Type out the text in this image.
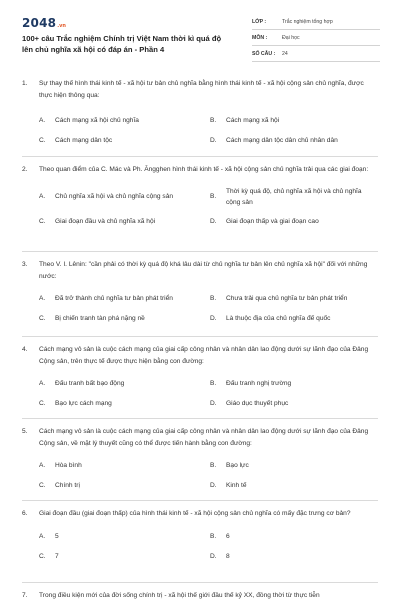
2048 .vn
100+ câu Trắc nghiệm Chính trị Việt Nam thời kì quá độ lên chủ nghĩa xã hội có đáp án - Phần 4
LỚP :	Trắc nghiệm tổng hợp
MÔN :	Đại học
SỐ CÂU :	24
1.	Sự thay thế hình thái kinh tế - xã hội tư bản chủ nghĩa bằng hình thái kinh tế - xã hội cộng sản chủ nghĩa, được thực hiện thông qua:
A.	Cách mạng xã hội chủ nghĩa	B.	Cách mạng xã hội
C.	Cách mạng dân tộc	D.	Cách mạng dân tộc dân chủ nhân dân
2.	Theo quan điểm của C. Mác và Ph. Ăngghen hình thái kinh tế - xã hội cộng sản chủ nghĩa trải qua các giai đoạn:
A.	Chủ nghĩa xã hội và chủ nghĩa cộng sản	B.
Thời kỳ quá độ, chủ nghĩa xã hội và chủ nghĩa cộng sản
C.	Giai đoạn đầu và chủ nghĩa xã hội	D.	Giai đoạn thấp và giai đoạn cao
3.	Theo V. I. Lênin: "cần phải có thời kỳ quá độ khá lâu dài từ chủ nghĩa tư bản lên chủ nghĩa xã hội" đối với những nước:
A.	Đã trở thành chủ nghĩa tư bản phát triển	B.	Chưa trải qua chủ nghĩa tư bản phát triển
C.	Bị chiến tranh tàn phá nặng nề	D.	Là thuộc địa của chủ nghĩa đế quốc
4.	Cách mạng vô sản là cuộc cách mạng của giai cấp công nhân và nhân dân lao động dưới sự lãnh đạo của Đảng Cộng sản, trên thực tế được thực hiện bằng con đường:
A.	Đấu tranh bất bạo động	B.	Đấu tranh nghị trường
C.	Bạo lực cách mạng	D.	Giáo dục thuyết phục
5.	Cách mạng vô sản là cuộc cách mạng của giai cấp công nhân và nhân dân lao động dưới sự lãnh đạo của Đảng Cộng sản, về mặt lý thuyết cũng có thể được tiến hành bằng con đường:
A.	Hòa bình	B.	Bạo lực
C.	Chính trị	D.	Kinh tế
6.	Giai đoạn đầu (giai đoạn thấp) của hình thái kinh tế - xã hội cộng sản chủ nghĩa có mấy đặc trưng cơ bản?
A.	5	B.	6
C.	7	D.	8
7.	Trong điều kiện mới của đời sống chính trị - xã hội thế giới đầu thế kỷ XX, đồng thời từ thực tiễn
